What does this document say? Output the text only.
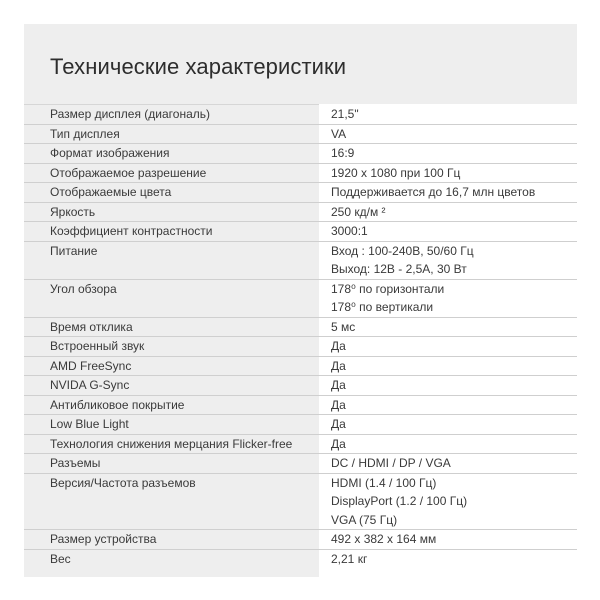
Технические характеристики
Размер дисплея (диагональ)	21,5"
Тип дисплея	VA
Формат изображения	16:9
Отображаемое разрешение	1920 x 1080 при 100 Гц
Отображаемые цвета	Поддерживается до 16,7 млн цветов
Яркость	250 кд/м ²
Коэффициент контрастности	3000:1
Питание	Вход : 100-240В, 50/60 Гц
Выход: 12В - 2,5А, 30 Вт
Угол обзора	178⁰ по горизонтали
178⁰ по вертикали
Время отклика	5 мс
Встроенный звук	Да
AMD FreeSync	Да
NVIDA G-Sync	Да
Антибликовое покрытие	Да
Low Blue Light	Да
Технология снижения мерцания Flicker-free	Да
Разъемы	DC / HDMI / DP / VGA
Версия/Частота разъемов	HDMI (1.4 / 100 Гц)
DisplayPort (1.2 / 100 Гц)
VGA (75 Гц)
Размер устройства	492 x 382 x 164 мм
Вес	2,21 кг
